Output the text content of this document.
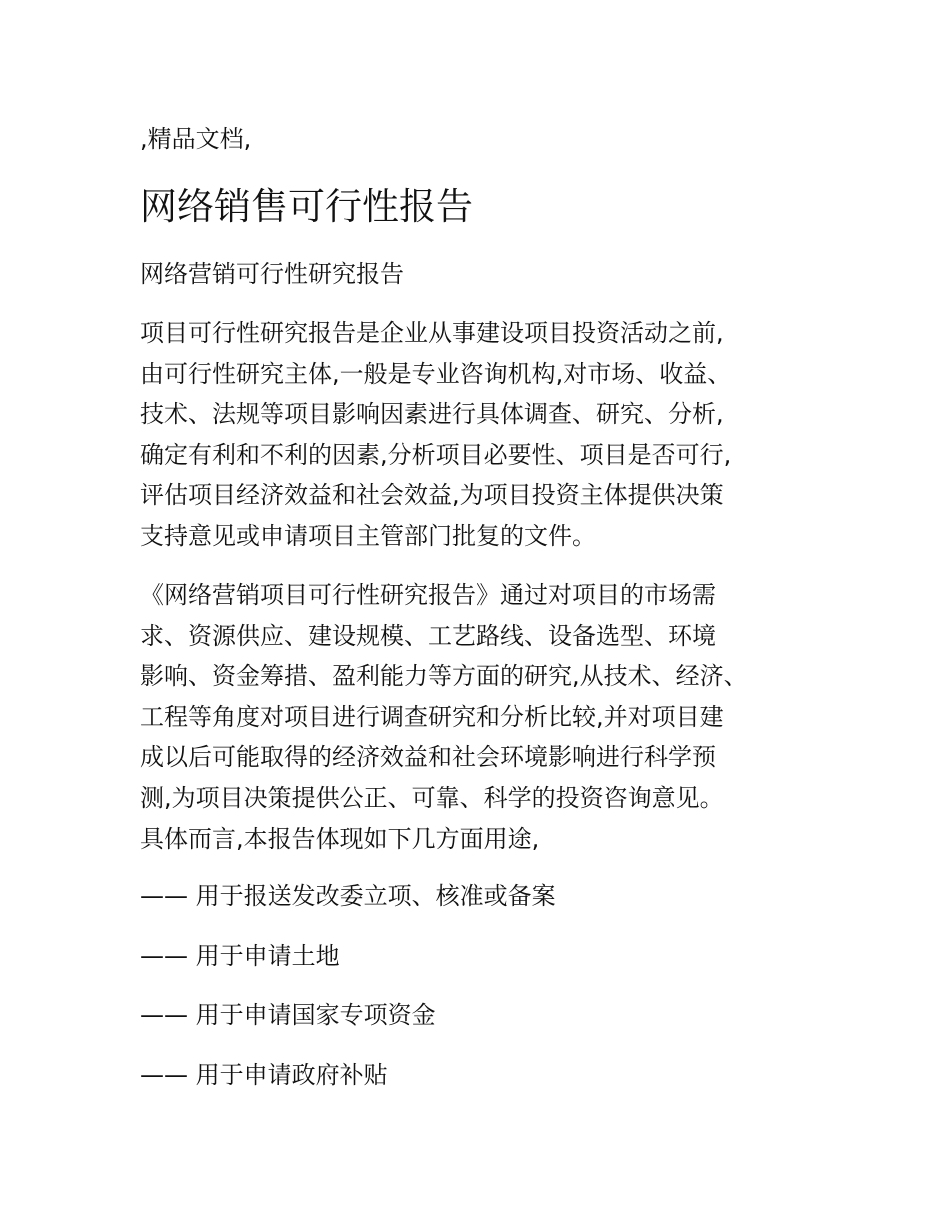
,精品文档,

网络销售可行性报告

网络营销可行性研究报告

项目可行性研究报告是企业从事建设项目投资活动之前,
由可行性研究主体,一般是专业咨询机构,对市场、收益、
技术、法规等项目影响因素进行具体调查、研究、分析,
确定有利和不利的因素,分析项目必要性、项目是否可行,
评估项目经济效益和社会效益,为项目投资主体提供决策
支持意见或申请项目主管部门批复的文件。

《网络营销项目可行性研究报告》通过对项目的市场需
求、资源供应、建设规模、工艺路线、设备选型、环境
影响、资金筹措、盈利能力等方面的研究,从技术、经济、
工程等角度对项目进行调查研究和分析比较,并对项目建
成以后可能取得的经济效益和社会环境影响进行科学预
测,为项目决策提供公正、可靠、科学的投资咨询意见。
具体而言,本报告体现如下几方面用途,

—— 用于报送发改委立项、核准或备案

—— 用于申请土地

—— 用于申请国家专项资金

—— 用于申请政府补贴
